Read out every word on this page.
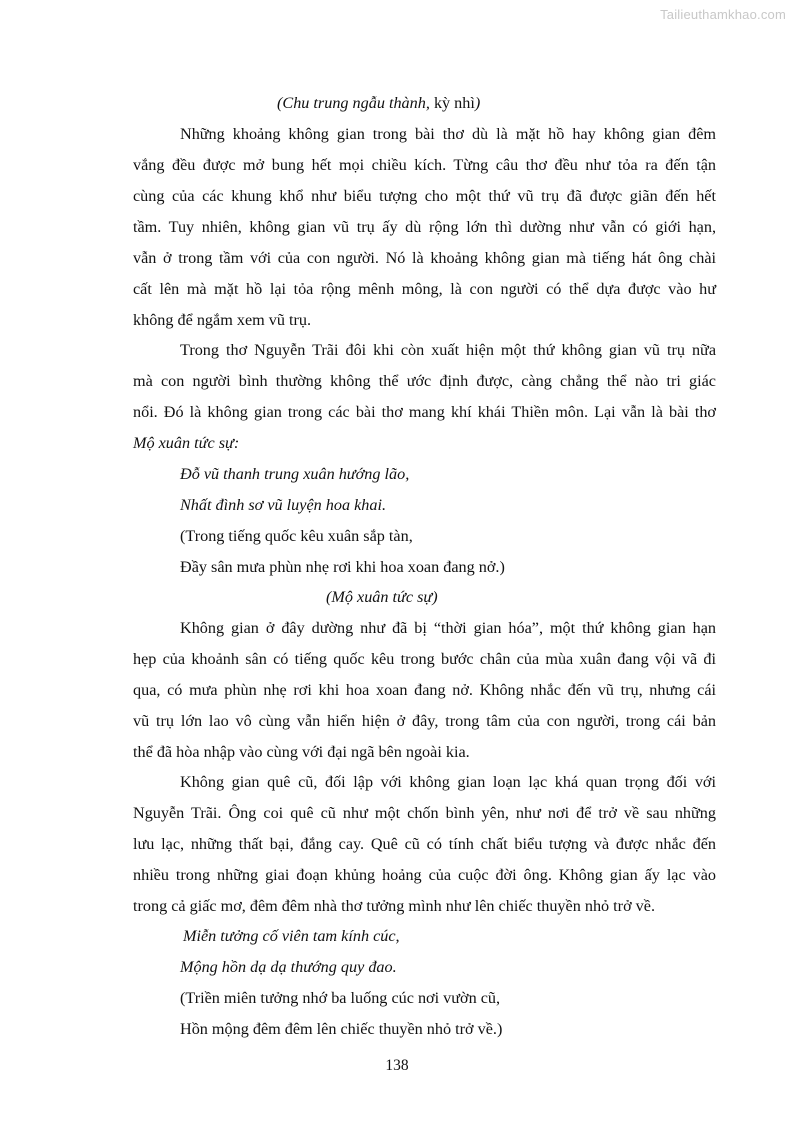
Tailieuthamkhao.com
(Chu trung ngẫu thành, kỳ nhì)
Những khoảng không gian trong bài thơ dù là mặt hồ hay không gian đêm
vắng đều được mở bung hết mọi chiều kích. Từng câu thơ đều như tỏa ra đến tận
cùng của các khung khổ như biểu tượng cho một thứ vũ trụ đã được giãn đến hết
tầm. Tuy nhiên, không gian vũ trụ ấy dù rộng lớn thì dường như vẫn có giới hạn,
vẫn ở trong tầm với của con người. Nó là khoảng không gian mà tiếng hát ông chài
cất lên mà mặt hồ lại tỏa rộng mênh mông, là con người có thể dựa được vào hư
không để ngắm xem vũ trụ.
Trong thơ Nguyễn Trãi đôi khi còn xuất hiện một thứ không gian vũ trụ nữa
mà con người bình thường không thể ước định được, càng chẳng thể nào tri giác
nổi. Đó là không gian trong các bài thơ mang khí khái Thiền môn. Lại vẫn là bài thơ
Mộ xuân tức sự:
Đỗ vũ thanh trung xuân hướng lão,
Nhất đình sơ vũ luyện hoa khai.
(Trong tiếng quốc kêu xuân sắp tàn,
Đầy sân mưa phùn nhẹ rơi khi hoa xoan đang nở.)
(Mộ xuân tức sự)
Không gian ở đây dường như đã bị “thời gian hóa”, một thứ không gian hạn
hẹp của khoảnh sân có tiếng quốc kêu trong bước chân của mùa xuân đang vội vã đi
qua, có mưa phùn nhẹ rơi khi hoa xoan đang nở. Không nhắc đến vũ trụ, nhưng cái
vũ trụ lớn lao vô cùng vẫn hiển hiện ở đây, trong tâm của con người, trong cái bản
thể đã hòa nhập vào cùng với đại ngã bên ngoài kia.
Không gian quê cũ, đối lập với không gian loạn lạc khá quan trọng đối với
Nguyễn Trãi. Ông coi quê cũ như một chốn bình yên, như nơi để trở về sau những
lưu lạc, những thất bại, đắng cay. Quê cũ có tính chất biểu tượng và được nhắc đến
nhiều trong những giai đoạn khủng hoảng của cuộc đời ông. Không gian ấy lạc vào
trong cả giấc mơ, đêm đêm nhà thơ tưởng mình như lên chiếc thuyền nhỏ trở về.
Miễn tưởng cố viên tam kính cúc,
Mộng hồn dạ dạ thướng quy đao.
(Triền miên tưởng nhớ ba luống cúc nơi vườn cũ,
Hồn mộng đêm đêm lên chiếc thuyền nhỏ trở về.)
138
